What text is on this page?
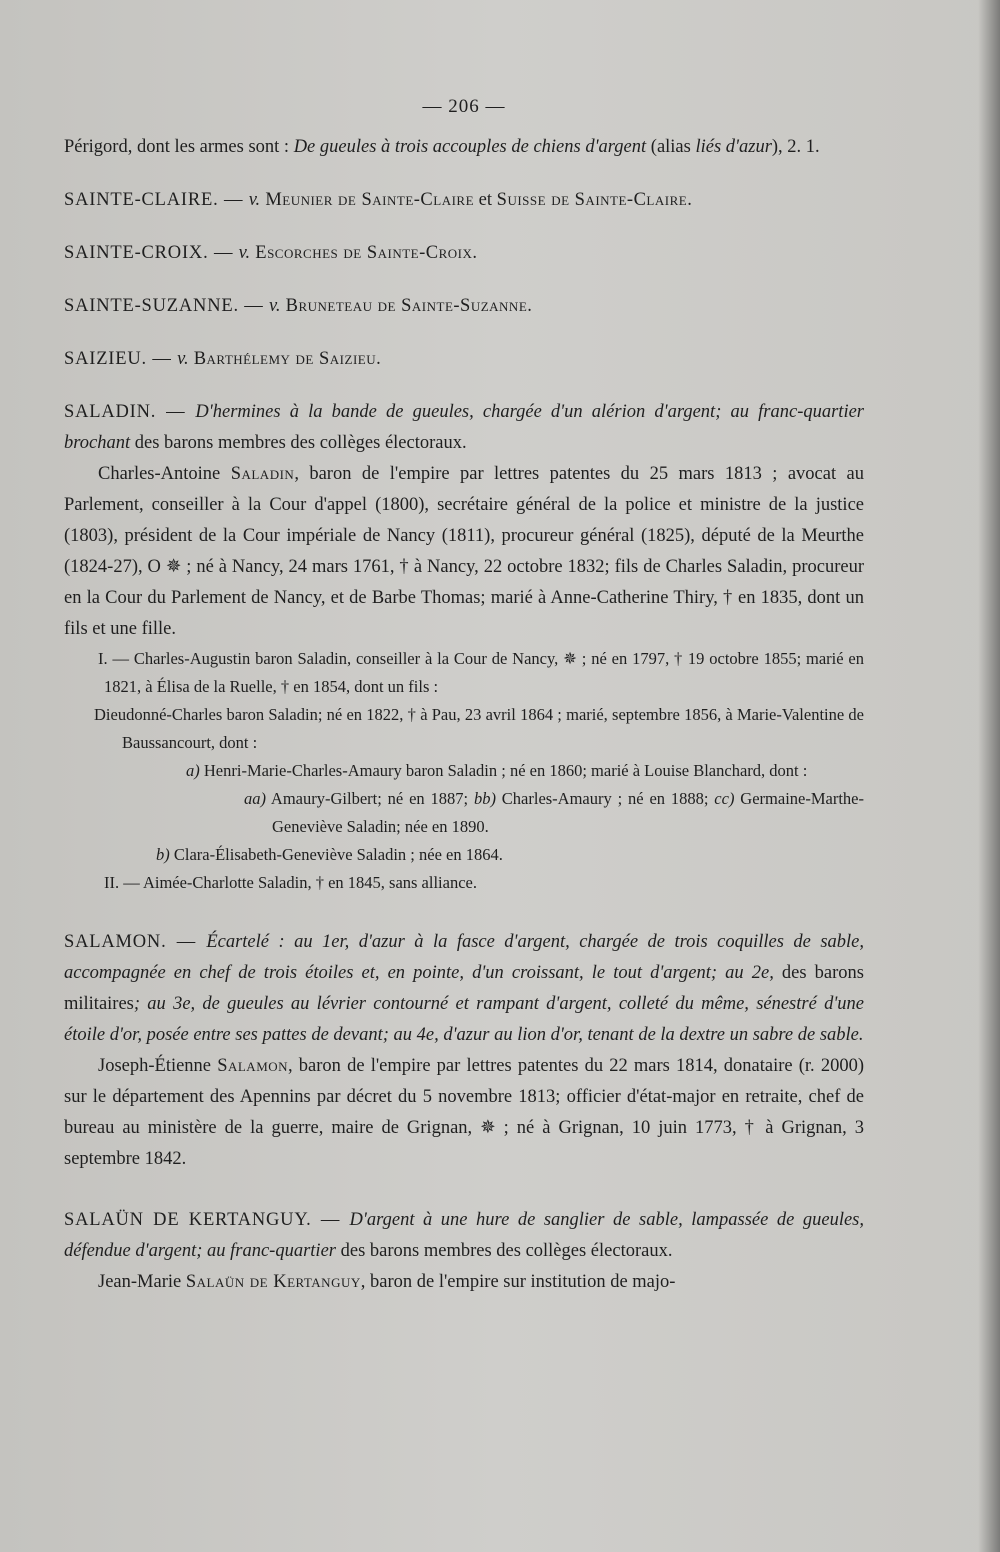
— 206 —

Périgord, dont les armes sont : De gueules à trois accouples de chiens d'argent (alias liés d'azur), 2. 1.

SAINTE-CLAIRE. — v. Meunier de Sainte-Claire et Suisse de Sainte-Claire.

SAINTE-CROIX. — v. Escorches de Sainte-Croix.

SAINTE-SUZANNE. — v. Bruneteau de Sainte-Suzanne.

SAIZIEU. — v. Barthélemy de Saizieu.

SALADIN. — D'hermines à la bande de gueules, chargée d'un alérion d'argent; au franc-quartier brochant des barons membres des collèges électoraux.

Charles-Antoine Saladin, baron de l'empire par lettres patentes du 25 mars 1813 ; avocat au Parlement, conseiller à la Cour d'appel (1800), secrétaire général de la police et ministre de la justice (1803), président de la Cour impériale de Nancy (1811), procureur général (1825), député de la Meurthe (1824-27), O ✵ ; né à Nancy, 24 mars 1761, † à Nancy, 22 octobre 1832; fils de Charles Saladin, procureur en la Cour du Parlement de Nancy, et de Barbe Thomas; marié à Anne-Catherine Thiry, † en 1835, dont un fils et une fille.

I. — Charles-Augustin baron Saladin, conseiller à la Cour de Nancy, ✵ ; né en 1797, † 19 octobre 1855; marié en 1821, à Élisa de la Ruelle, † en 1854, dont un fils :

Dieudonné-Charles baron Saladin; né en 1822, † à Pau, 23 avril 1864 ; marié, septembre 1856, à Marie-Valentine de Baussancourt, dont :

a) Henri-Marie-Charles-Amaury baron Saladin ; né en 1860; marié à Louise Blanchard, dont :

aa) Amaury-Gilbert; né en 1887; bb) Charles-Amaury ; né en 1888; cc) Germaine-Marthe-Geneviève Saladin; née en 1890.

b) Clara-Élisabeth-Geneviève Saladin ; née en 1864.

II. — Aimée-Charlotte Saladin, † en 1845, sans alliance.

SALAMON. — Écartelé : au 1er, d'azur à la fasce d'argent, chargée de trois coquilles de sable, accompagnée en chef de trois étoiles et, en pointe, d'un croissant, le tout d'argent; au 2e, des barons militaires; au 3e, de gueules au lévrier contourné et rampant d'argent, colleté du même, sénestré d'une étoile d'or, posée entre ses pattes de devant; au 4e, d'azur au lion d'or, tenant de la dextre un sabre de sable.

Joseph-Étienne Salamon, baron de l'empire par lettres patentes du 22 mars 1814, donataire (r. 2000) sur le département des Apennins par décret du 5 novembre 1813; officier d'état-major en retraite, chef de bureau au ministère de la guerre, maire de Grignan, ✵ ; né à Grignan, 10 juin 1773, † à Grignan, 3 septembre 1842.

SALAÜN DE KERTANGUY. — D'argent à une hure de sanglier de sable, lampassée de gueules, défendue d'argent; au franc-quartier des barons membres des collèges électoraux.

Jean-Marie Salaün de Kertanguy, baron de l'empire sur institution de majo-
